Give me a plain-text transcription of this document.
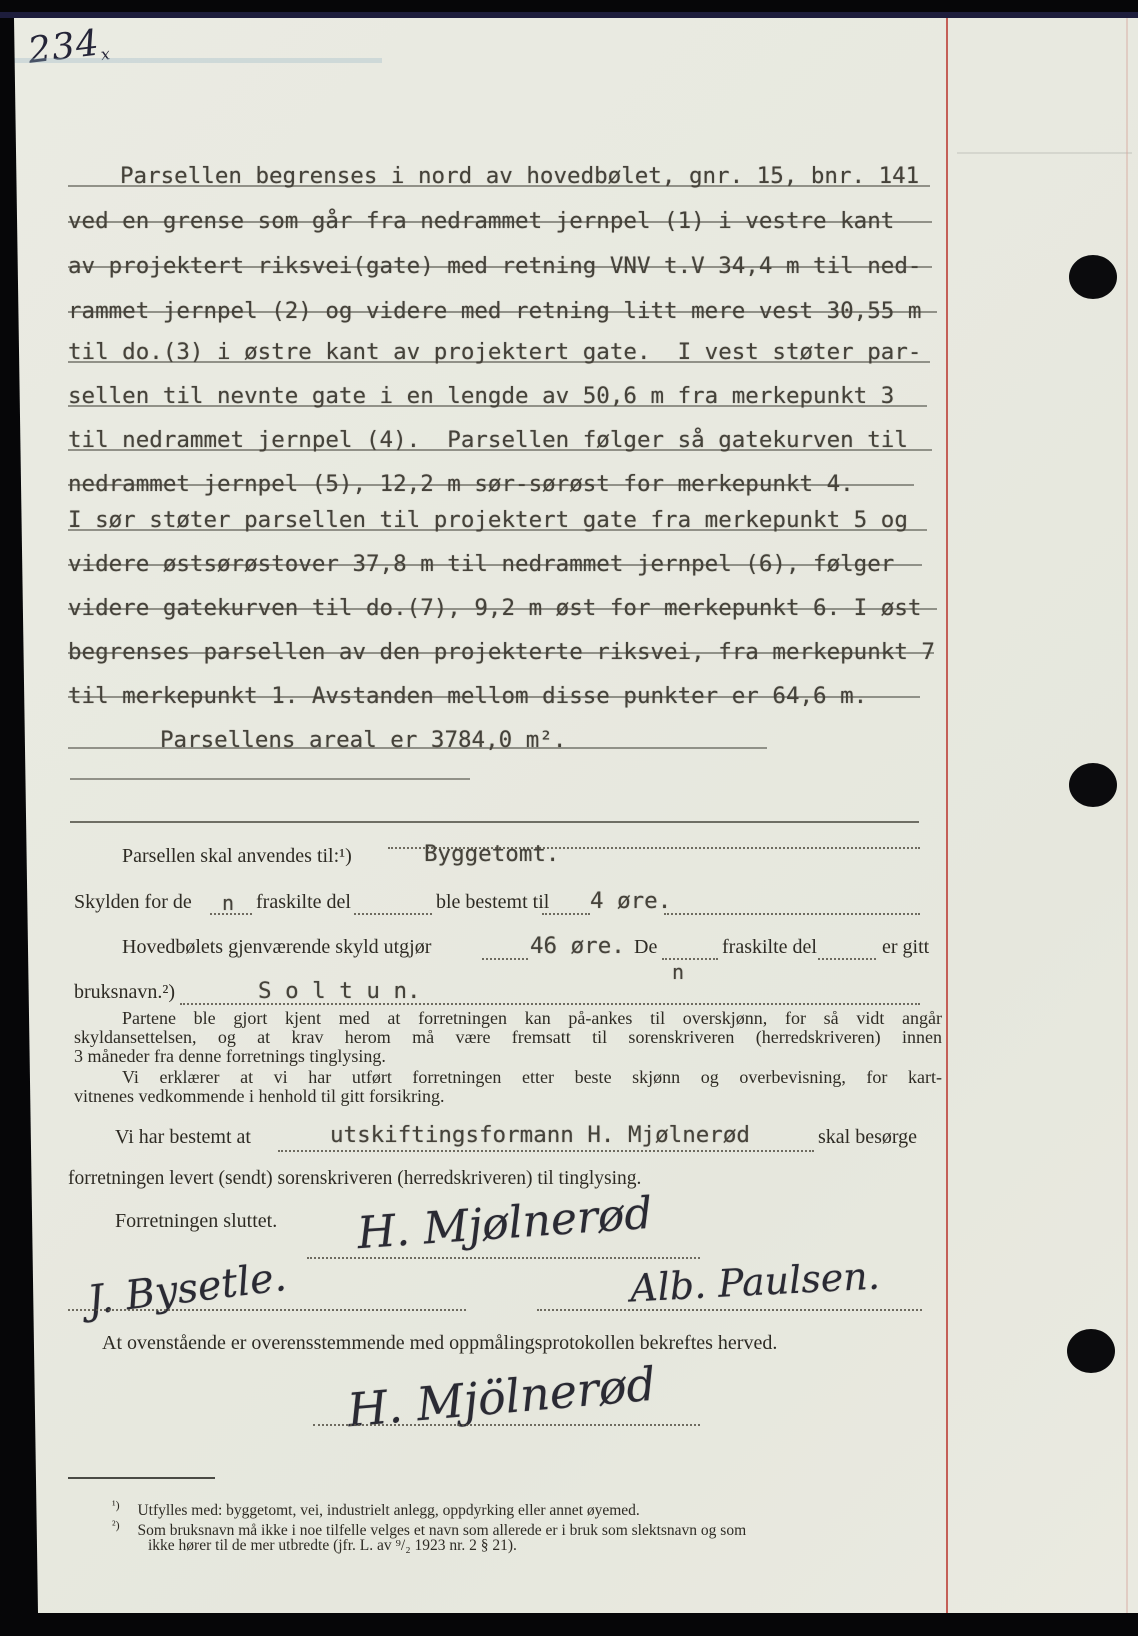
234x
Parsellen begrenses i nord av hovedbølet, gnr. 15, bnr. 141
ved en grense som går fra nedrammet jernpel (1) i vestre kant
av projektert riksvei(gate) med retning VNV t.V 34,4 m til ned-
rammet jernpel (2) og videre med retning litt mere vest 30,55 m
til do.(3) i østre kant av projektert gate.  I vest støter par-
sellen til nevnte gate i en lengde av 50,6 m fra merkepunkt 3
til nedrammet jernpel (4).  Parsellen følger så gatekurven til
nedrammet jernpel (5), 12,2 m sør-sørøst for merkepunkt 4.
I sør støter parsellen til projektert gate fra merkepunkt 5 og
videre østsørøstover 37,8 m til nedrammet jernpel (6), følger
videre gatekurven til do.(7), 9,2 m øst for merkepunkt 6. I øst
begrenses parsellen av den projekterte riksvei, fra merkepunkt 7
til merkepunkt 1. Avstanden mellom disse punkter er 64,6 m.
Parsellens areal er 3784,0 m².
Parsellen skal anvendes til:¹)	Byggetomt.
Skylden for de n	fraskilte del	ble bestemt til 4 øre.
Hovedbølets gjenværende skyld utgjør	46 øre. De
n
fraskilte del	er gitt
bruksnavn.²)	S o l t u n.
Partene ble gjort kjent med at forretningen kan på-ankes til overskjønn, for så vidt angår
skyldansettelsen, og at krav herom må være fremsatt til sorenskriveren (herredskriveren) innen
3 måneder fra denne forretnings tinglysing.
Vi erklærer at vi har utført forretningen etter beste skjønn og overbevisning, for kart-
vitnenes vedkommende i henhold til gitt forsikring.
Vi har bestemt at	utskiftingsformann H. Mjølnerød	skal besørge
forretningen levert (sendt) sorenskriveren (herredskriveren) til tinglysing.
Forretningen sluttet. H. Mjølnerød
J. Bysetle.	Alb. Paulsen.
At ovenstående er overensstemmende med oppmålingsprotokollen bekreftes herved.
H. Mjölnerød
$^{^1)}$ Utfylles med: byggetomt, vei, industrielt anlegg, oppdyrking eller annet øyemed.
$^{^2)}$ Som bruksnavn må ikke i noe tilfelle velges et navn som allerede er i bruk som slektsnavn og som
ikke hører til de mer utbredte (jfr. L. av ⁹/₂ 1923 nr. 2 § 21).
